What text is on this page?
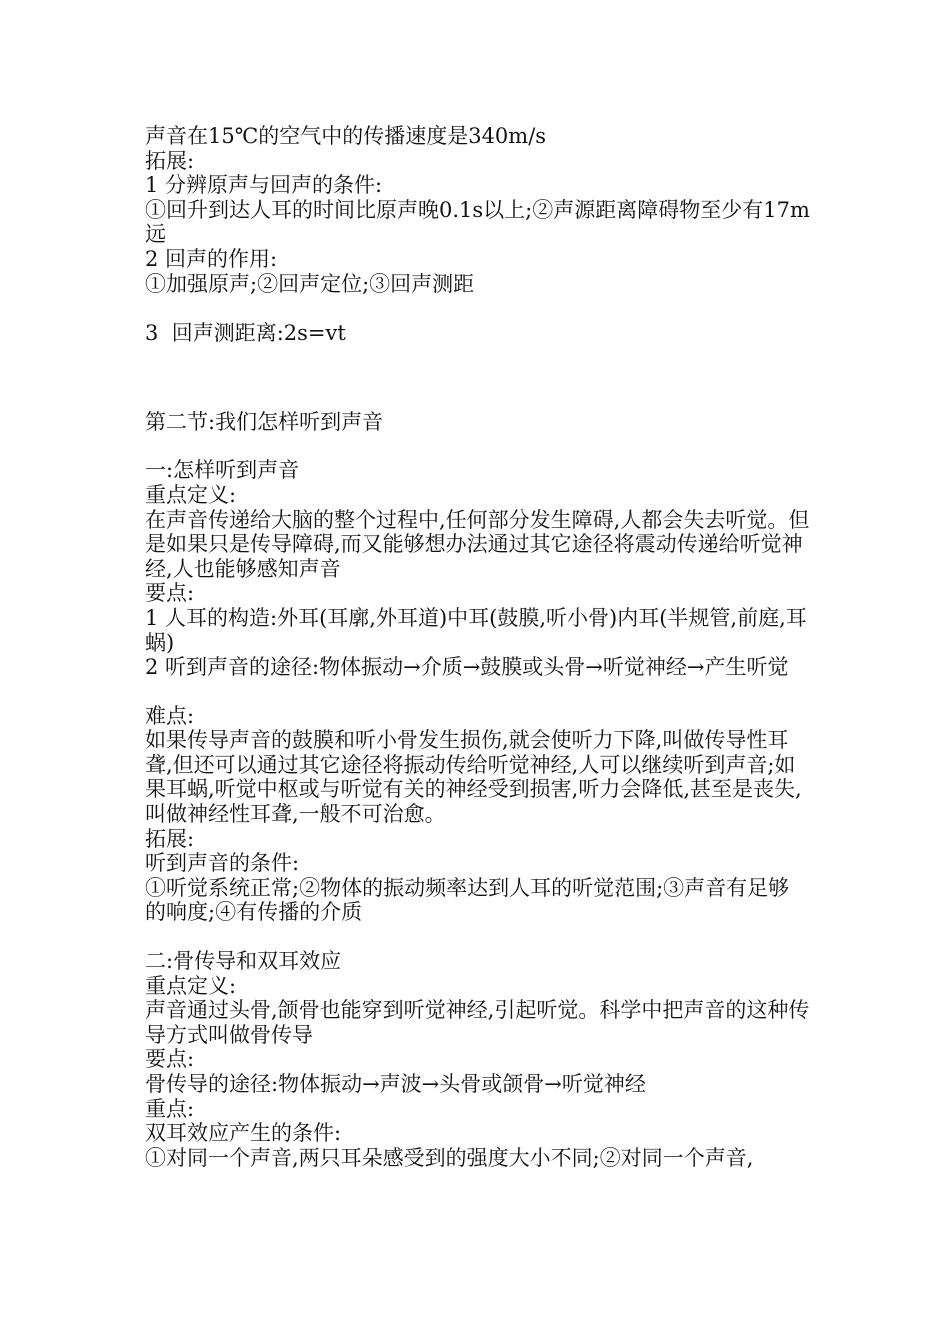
声音在15℃的空气中的传播速度是340m/s

拓展:

1 分辨原声与回声的条件:

①回升到达人耳的时间比原声晚0.1s以上;②声源距离障碍物至少有17m远

2 回声的作用:

①加强原声;②回声定位;③回声测距

3  回声测距离:2s=vt

第二节:我们怎样听到声音

一:怎样听到声音

重点定义:

在声音传递给大脑的整个过程中,任何部分发生障碍,人都会失去听觉。但是如果只是传导障碍,而又能够想办法通过其它途径将震动传递给听觉神经,人也能够感知声音

要点:

1 人耳的构造:外耳(耳廓,外耳道)中耳(鼓膜,听小骨)内耳(半规管,前庭,耳蜗)

2 听到声音的途径:物体振动→介质→鼓膜或头骨→听觉神经→产生听觉

难点:

如果传导声音的鼓膜和听小骨发生损伤,就会使听力下降,叫做传导性耳聋,但还可以通过其它途径将振动传给听觉神经,人可以继续听到声音;如果耳蜗,听觉中枢或与听觉有关的神经受到损害,听力会降低,甚至是丧失,叫做神经性耳聋,一般不可治愈。

拓展:

听到声音的条件:

①听觉系统正常;②物体的振动频率达到人耳的听觉范围;③声音有足够的响度;④有传播的介质

二:骨传导和双耳效应

重点定义:

声音通过头骨,颌骨也能穿到听觉神经,引起听觉。科学中把声音的这种传导方式叫做骨传导

要点:

骨传导的途径:物体振动→声波→头骨或颌骨→听觉神经

重点:

双耳效应产生的条件:

①对同一个声音,两只耳朵感受到的强度大小不同;②对同一个声音,
